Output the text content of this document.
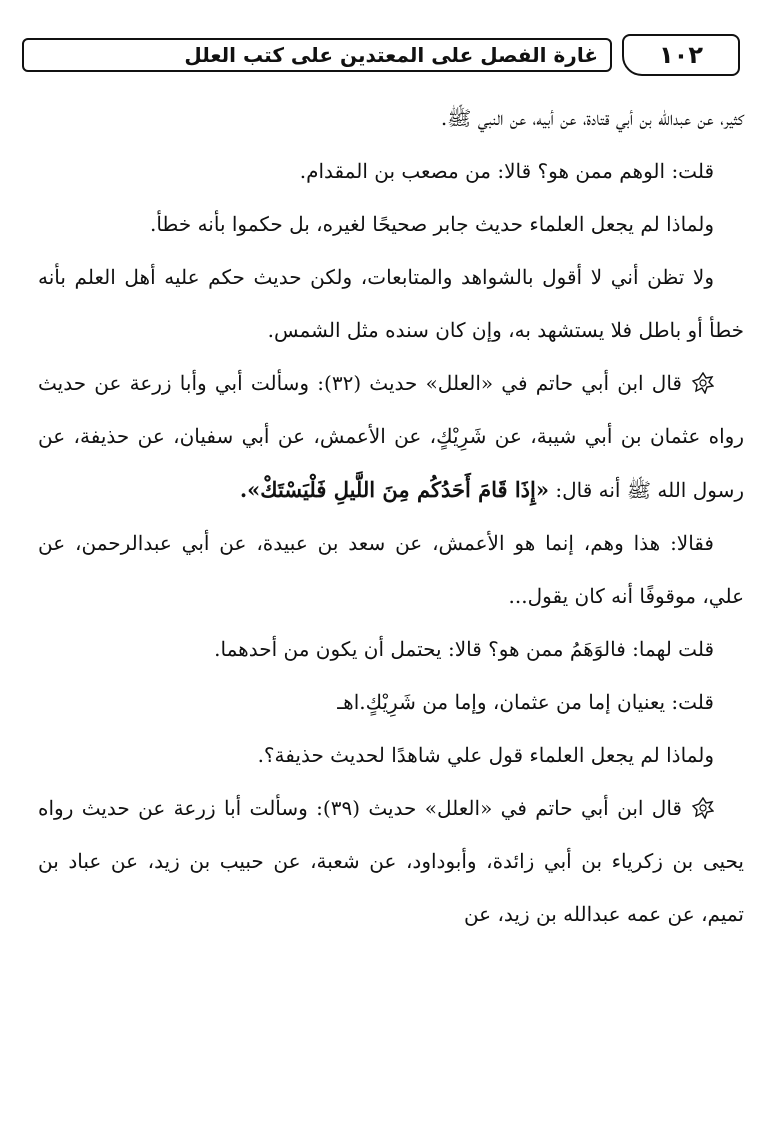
غارة الفصل على المعتدين على كتب العلل	١٠٢

كثير، عن عبدالله بن أبي قتادة، عن أبيه، عن النبي ﷺ.

قلت: الوهم ممن هو؟ قالا: من مصعب بن المقدام.

ولماذا لم يجعل العلماء حديث جابر صحيحًا لغيره، بل حكموا بأنه خطأ.

ولا تظن أني لا أقول بالشواهد والمتابعات، ولكن حديث حكم عليه أهل العلم بأنه خطأ أو باطل فلا يستشهد به، وإن كان سنده مثل الشمس.

قال ابن أبي حاتم في «العلل» حديث (٣٢): وسألت أبي وأبا زرعة عن حديث رواه عثمان بن أبي شيبة، عن شَرِيْكٍ، عن الأعمش، عن أبي سفيان، عن حذيفة، عن رسول الله ﷺ أنه قال: «إِذَا قَامَ أَحَدُكُم مِنَ اللَّيلِ فَلْيَسْتَكْ».

فقالا: هذا وهم، إنما هو الأعمش، عن سعد بن عبيدة، عن أبي عبدالرحمن، عن علي، موقوفًا أنه كان يقول...

قلت لهما: فالوَهَمُ ممن هو؟ قالا: يحتمل أن يكون من أحدهما.

قلت: يعنيان إما من عثمان، وإما من شَرِيْكٍ.اهـ

ولماذا لم يجعل العلماء قول علي شاهدًا لحديث حذيفة؟.

قال ابن أبي حاتم في «العلل» حديث (٣٩): وسألت أبا زرعة عن حديث رواه يحيى بن زكرياء بن أبي زائدة، وأبوداود، عن شعبة، عن حبيب بن زيد، عن عباد بن تميم، عن عمه عبدالله بن زيد، عن
